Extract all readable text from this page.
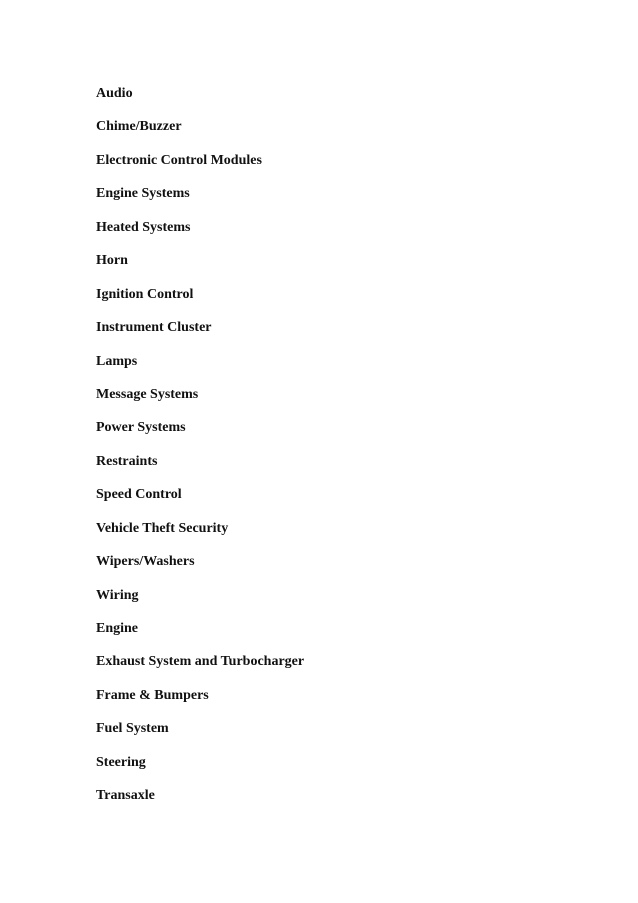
Audio
Chime/Buzzer
Electronic Control Modules
Engine Systems
Heated Systems
Horn
Ignition Control
Instrument Cluster
Lamps
Message Systems
Power Systems
Restraints
Speed Control
Vehicle Theft Security
Wipers/Washers
Wiring
Engine
Exhaust System and Turbocharger
Frame & Bumpers
Fuel System
Steering
Transaxle
